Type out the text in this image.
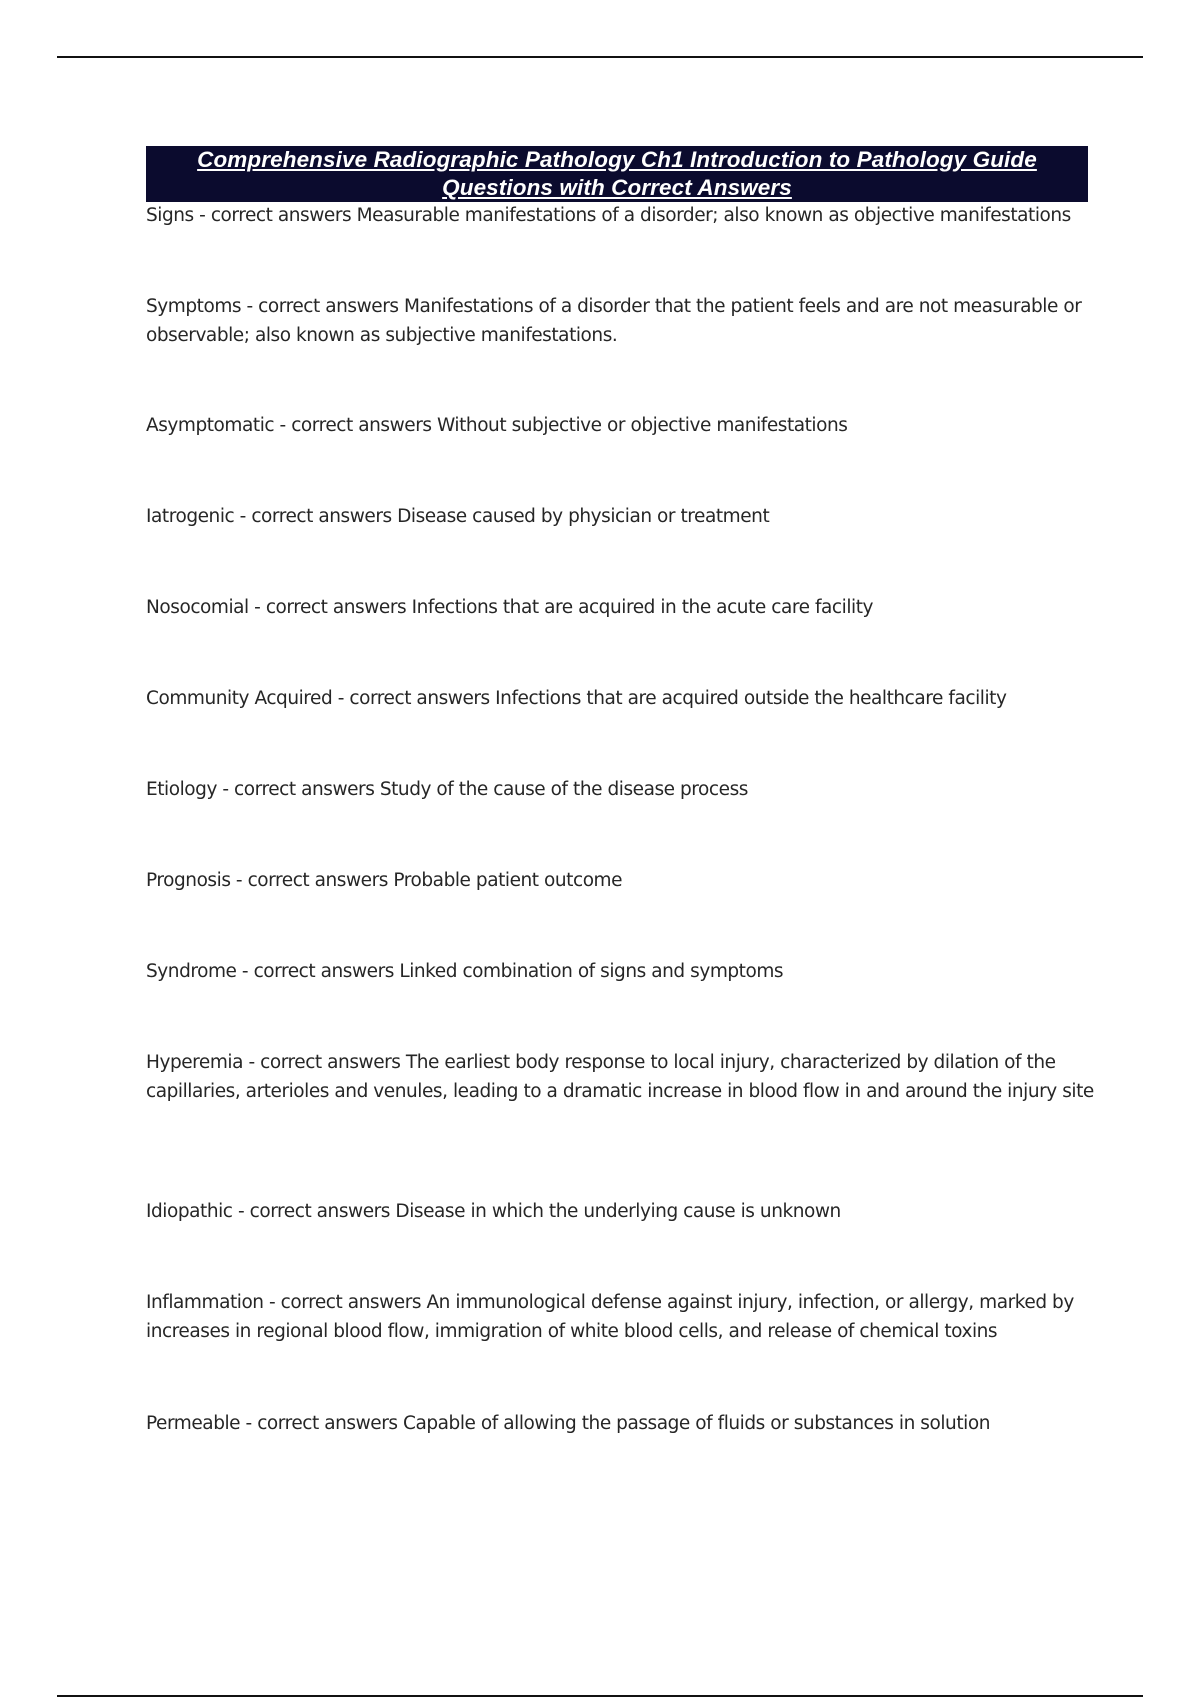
Comprehensive Radiographic Pathology Ch1 Introduction to Pathology Guide
Questions with Correct Answers
Signs - correct answers Measurable manifestations of a disorder; also known as objective manifestations
Symptoms - correct answers Manifestations of a disorder that the patient feels and are not measurable or observable; also known as subjective manifestations.
Asymptomatic - correct answers Without subjective or objective manifestations
Iatrogenic - correct answers Disease caused by physician or treatment
Nosocomial - correct answers Infections that are acquired in the acute care facility
Community Acquired - correct answers Infections that are acquired outside the healthcare facility
Etiology - correct answers Study of the cause of the disease process
Prognosis - correct answers Probable patient outcome
Syndrome - correct answers Linked combination of signs and symptoms
Hyperemia - correct answers The earliest body response to local injury, characterized by dilation of the capillaries, arterioles and venules, leading to a dramatic increase in blood flow in and around the injury site
Idiopathic - correct answers Disease in which the underlying cause is unknown
Inflammation - correct answers An immunological defense against injury, infection, or allergy, marked by increases in regional blood flow, immigration of white blood cells, and release of chemical toxins
Permeable - correct answers Capable of allowing the passage of fluids or substances in solution
